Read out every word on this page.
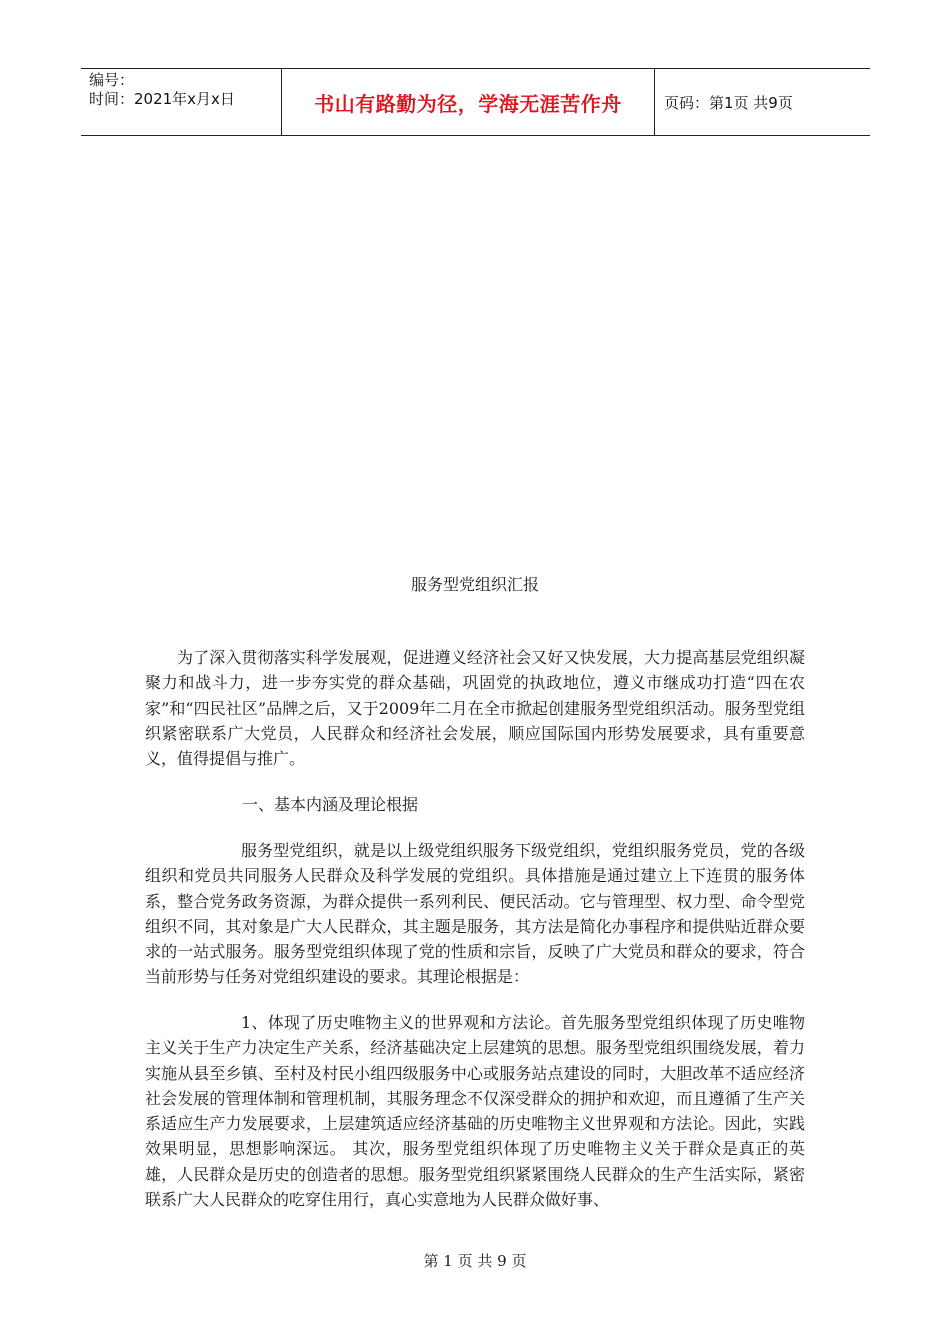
编号：
时间：2021年x月x日	书山有路勤为径，学海无涯苦作舟	页码：第1页 共9页
服务型党组织汇报

为了深入贯彻落实科学发展观，促进遵义经济社会又好又快发展，大力提高基层党组织凝聚力和战斗力，进一步夯实党的群众基础，巩固党的执政地位，遵义市继成功打造“四在农家”和“四民社区”品牌之后，又于2009年二月在全市掀起创建服务型党组织活动。服务型党组织紧密联系广大党员，人民群众和经济社会发展，顺应国际国内形势发展要求，具有重要意义，值得提倡与推广。

一、基本内涵及理论根据

服务型党组织，就是以上级党组织服务下级党组织，党组织服务党员，党的各级组织和党员共同服务人民群众及科学发展的党组织。具体措施是通过建立上下连贯的服务体系，整合党务政务资源，为群众提供一系列利民、便民活动。它与管理型、权力型、命令型党组织不同，其对象是广大人民群众，其主题是服务，其方法是简化办事程序和提供贴近群众要求的一站式服务。服务型党组织体现了党的性质和宗旨，反映了广大党员和群众的要求，符合当前形势与任务对党组织建设的要求。其理论根据是：

1、体现了历史唯物主义的世界观和方法论。首先服务型党组织体现了历史唯物主义关于生产力决定生产关系，经济基础决定上层建筑的思想。服务型党组织围绕发展，着力实施从县至乡镇、至村及村民小组四级服务中心或服务站点建设的同时，大胆改革不适应经济社会发展的管理体制和管理机制，其服务理念不仅深受群众的拥护和欢迎，而且遵循了生产关系适应生产力发展要求，上层建筑适应经济基础的历史唯物主义世界观和方法论。因此，实践效果明显，思想影响深远。 其次，服务型党组织体现了历史唯物主义关于群众是真正的英雄，人民群众是历史的创造者的思想。服务型党组织紧紧围绕人民群众的生产生活实际，紧密联系广大人民群众的吃穿住用行，真心实意地为人民群众做好事、

第 1 页 共 9 页
